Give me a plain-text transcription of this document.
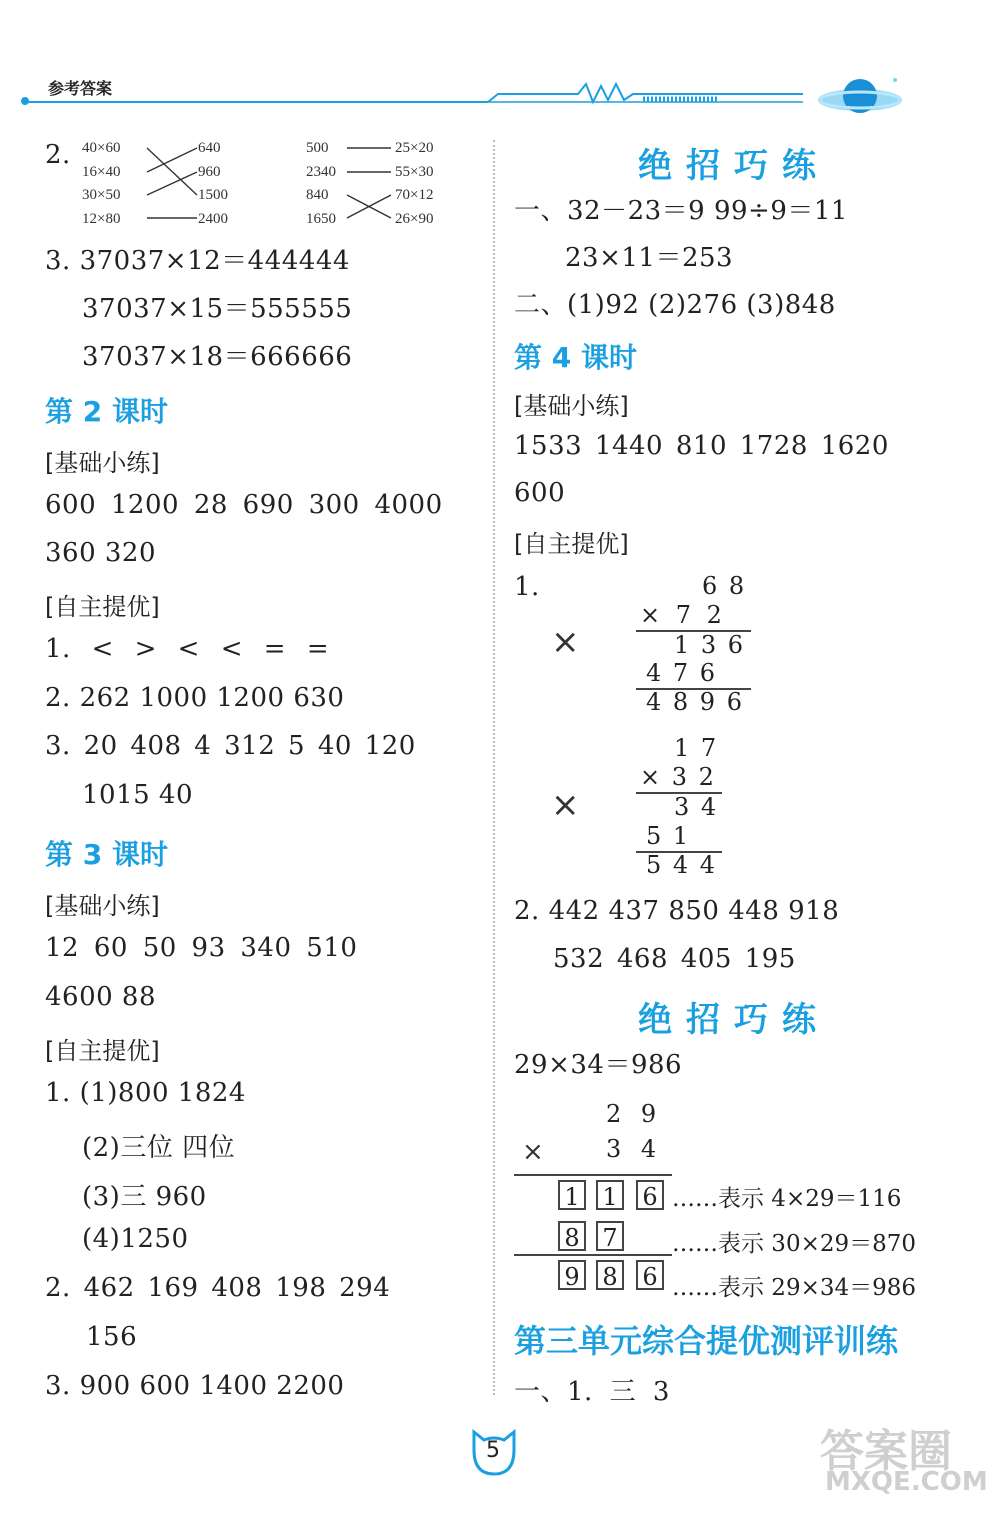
参考答案
2. 40×60
16×40
30×50
12×80
640
960
1500
2400
500
2340
840
1650
25×20
55×30
70×12
26×90
3. 37037×12＝444444
37037×15＝555555
37037×18＝666666
第 2 课时
[基础小练]
600 1200 28 690 300 4000
360 320
[自主提优]
1. < > < < = =
2. 262 1000 1200 630
3. 20 408 4 312 5 40 120
1015 40
第 3 课时
[基础小练]
12 60 50 93 340 510
4600 88
[自主提优]
1. (1)800 1824
(2)三位 四位
(3)三 960
(4)1250
2. 462 169 408 198 294
156
3. 900 600 1400 2200
绝招巧练
一、32－23＝9 99÷9＝11
23×11＝253
二、(1)92 (2)276 (3)848
第 4 课时
[基础小练]
1533 1440 810 1728 1620
600
[自主提优]
1.
×
6 8
× 7 2
1 3 6
4 7 6
4 8 9 6
×
1 7
× 3 2
3 4
5 1
5 4 4
2. 442 437 850 448 918
532 468 405 195
绝招巧练
29×34＝986
2 9
×	3 4
1 1 6 ……表示 4×29＝116
8 7 ……表示 30×29＝870
9 8 6 ……表示 29×34＝986
第三单元综合提优测评训练
一、1. 三 3
5	答案圈
MXQE.COM
